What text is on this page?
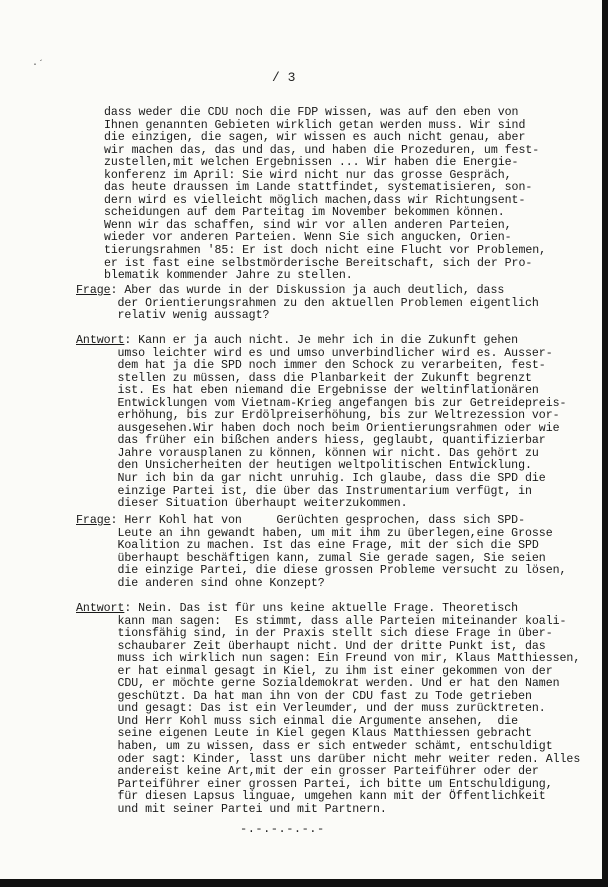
·´
/ 3
dass weder die CDU noch die FDP wissen, was auf den eben von
Ihnen genannten Gebieten wirklich getan werden muss. Wir sind
die einzigen, die sagen, wir wissen es auch nicht genau, aber
wir machen das, das und das, und haben die Prozeduren, um fest-
zustellen,mit welchen Ergebnissen ... Wir haben die Energie-
konferenz im April: Sie wird nicht nur das grosse Gespräch,
das heute draussen im Lande stattfindet, systematisieren, son-
dern wird es vielleicht möglich machen,dass wir Richtungsent-
scheidungen auf dem Parteitag im November bekommen können.
Wenn wir das schaffen, sind wir vor allen anderen Parteien,
wieder vor anderen Parteien. Wenn Sie sich angucken, Orien-
tierungsrahmen '85: Er ist doch nicht eine Flucht vor Problemen,
er ist fast eine selbstmörderische Bereitschaft, sich der Pro-
blematik kommender Jahre zu stellen.
Frage: Aber das wurde in der Diskussion ja auch deutlich, dass
der Orientierungsrahmen zu den aktuellen Problemen eigentlich
relativ wenig aussagt?
Antwort: Kann er ja auch nicht. Je mehr ich in die Zukunft gehen
umso leichter wird es und umso unverbindlicher wird es. Ausser-
dem hat ja die SPD noch immer den Schock zu verarbeiten, fest-
stellen zu müssen, dass die Planbarkeit der Zukunft begrenzt
ist. Es hat eben niemand die Ergebnisse der weltinflationären
Entwicklungen vom Vietnam-Krieg angefangen bis zur Getreidepreis-
erhöhung, bis zur Erdölpreiserhöhung, bis zur Weltrezession vor-
ausgesehen.Wir haben doch noch beim Orientierungsrahmen oder wie
das früher ein bißchen anders hiess, geglaubt, quantifizierbar
Jahre vorausplanen zu können, können wir nicht. Das gehört zu
den Unsicherheiten der heutigen weltpolitischen Entwicklung.
Nur ich bin da gar nicht unruhig. Ich glaube, dass die SPD die
einzige Partei ist, die über das Instrumentarium verfügt, in
dieser Situation überhaupt weiterzukommen.
Frage: Herr Kohl hat von     Gerüchten gesprochen, dass sich SPD-
Leute an ihn gewandt haben, um mit ihm zu überlegen,eine Grosse
Koalition zu machen. Ist das eine Frage, mit der sich die SPD
überhaupt beschäftigen kann, zumal Sie gerade sagen, Sie seien
die einzige Partei, die diese grossen Probleme versucht zu lösen,
die anderen sind ohne Konzept?
Antwort: Nein. Das ist für uns keine aktuelle Frage. Theoretisch
kann man sagen:  Es stimmt, dass alle Parteien miteinander koali-
tionsfähig sind, in der Praxis stellt sich diese Frage in über-
schaubarer Zeit überhaupt nicht. Und der dritte Punkt ist, das
muss ich wirklich nun sagen: Ein Freund von mir, Klaus Matthiessen,
er hat einmal gesagt in Kiel, zu ihm ist einer gekommen von der
CDU, er möchte gerne Sozialdemokrat werden. Und er hat den Namen
geschützt. Da hat man ihn von der CDU fast zu Tode getrieben
und gesagt: Das ist ein Verleumder, und der muss zurücktreten.
Und Herr Kohl muss sich einmal die Argumente ansehen,  die
seine eigenen Leute in Kiel gegen Klaus Matthiessen gebracht
haben, um zu wissen, dass er sich entweder schämt, entschuldigt
oder sagt: Kinder, lasst uns darüber nicht mehr weiter reden. Alles
andereist keine Art,mit der ein grosser Parteiführer oder der
Parteiführer einer grossen Partei, ich bitte um Entschuldigung,
für diesen Lapsus linguae, umgehen kann mit der Öffentlichkeit
und mit seiner Partei und mit Partnern.
-.-.-.-.-.-
